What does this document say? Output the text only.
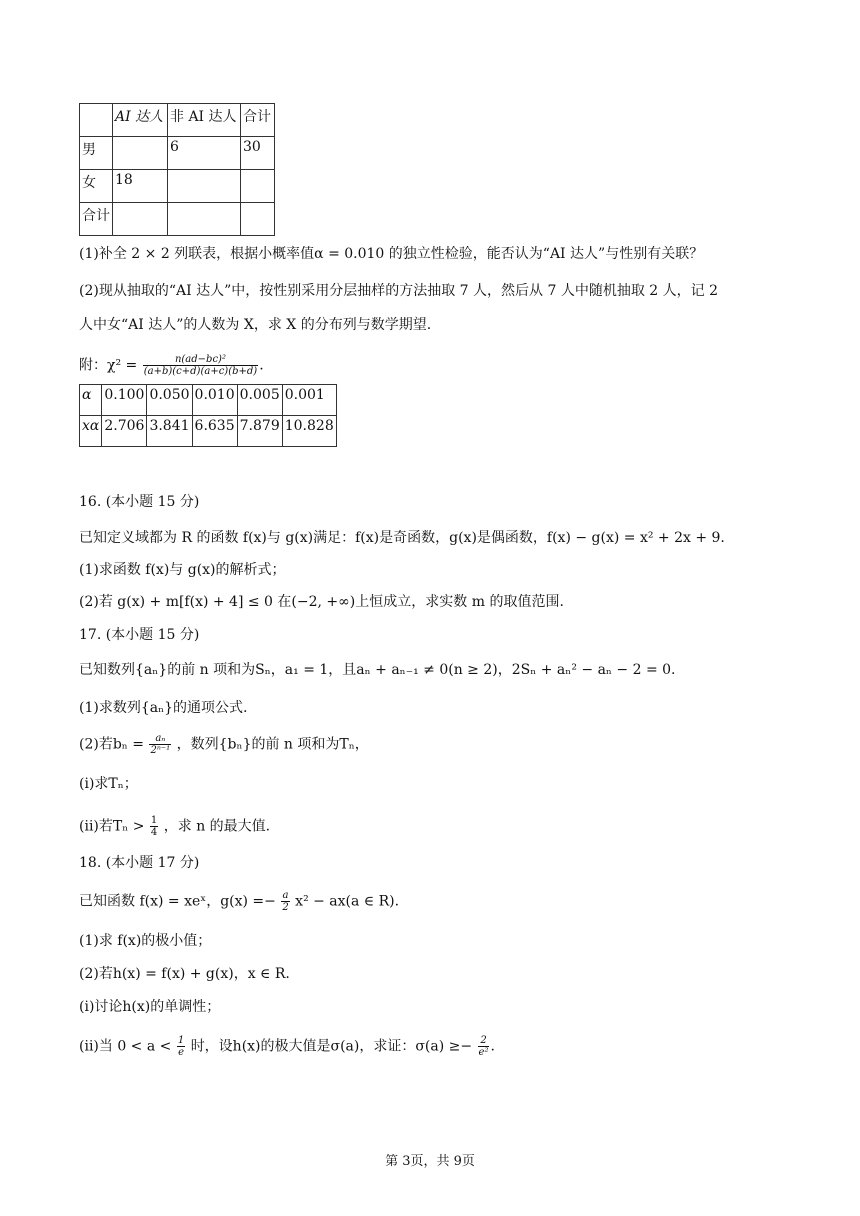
	AI 达人	非 AI 达人	合计
男		6	30
女	18		
合计			
(1)补全 2 × 2 列联表，根据小概率值α = 0.010 的独立性检验，能否认为“AI 达人”与性别有关联？
(2)现从抽取的“AI 达人”中，按性别采用分层抽样的方法抽取 7 人，然后从 7 人中随机抽取 2 人，记 2
人中女“AI 达人”的人数为 X，求 X 的分布列与数学期望.
附：$\chi^2 = \frac{\text{n(ad−bc)²}}{(a+b)(c+d)(a+c)(b+d)}$ .
α	0.100	0.050	0.010	0.005	0.001
xα	2.706	3.841	6.635	7.879	10.828
16. (本小题 15 分)
已知定义域都为 R 的函数 f(x)与 g(x)满足：f(x)是奇函数，g(x)是偶函数，f(x) − g(x) = x² + 2x + 9.
(1)求函数 f(x)与 g(x)的解析式；
(2)若 g(x) + m[f(x) + 4] ≤ 0 在(−2, +∞)上恒成立，求实数 m 的取值范围.
17. (本小题 15 分)
已知数列{aₙ}的前 n 项和为Sₙ，a₁ = 1，且aₙ + aₙ₋₁ ≠ 0(n ≥ 2)，2Sₙ + aₙ² − aₙ − 2 = 0.
(1)求数列{aₙ}的通项公式.
(2)若$b_n = \frac{\text{aₙ}}{\text{2ⁿ⁻¹}}$ ，数列{bₙ}的前 n 项和为Tₙ，
(i)求Tₙ；
(ii)若$T_n > \frac{1}{4}$ ，求 n 的最大值.
18. (本小题 17 分)
已知函数 f(x) = xeˣ，$g(x) =- \frac{a}{2} x^2 - ax(a$ ∈ R).
(1)求 f(x)的极小值；
(2)若h(x) = f(x) + g(x)，x ∈ R.
(i)讨论h(x)的单调性；
(ii)当 $0 < a < \frac{1}{e}$ 时，设h(x)的极大值是σ(a)，求证：$\sigma(a) \ge- \frac{2}{\text{e²}}$ .
第 3页，共 9页
